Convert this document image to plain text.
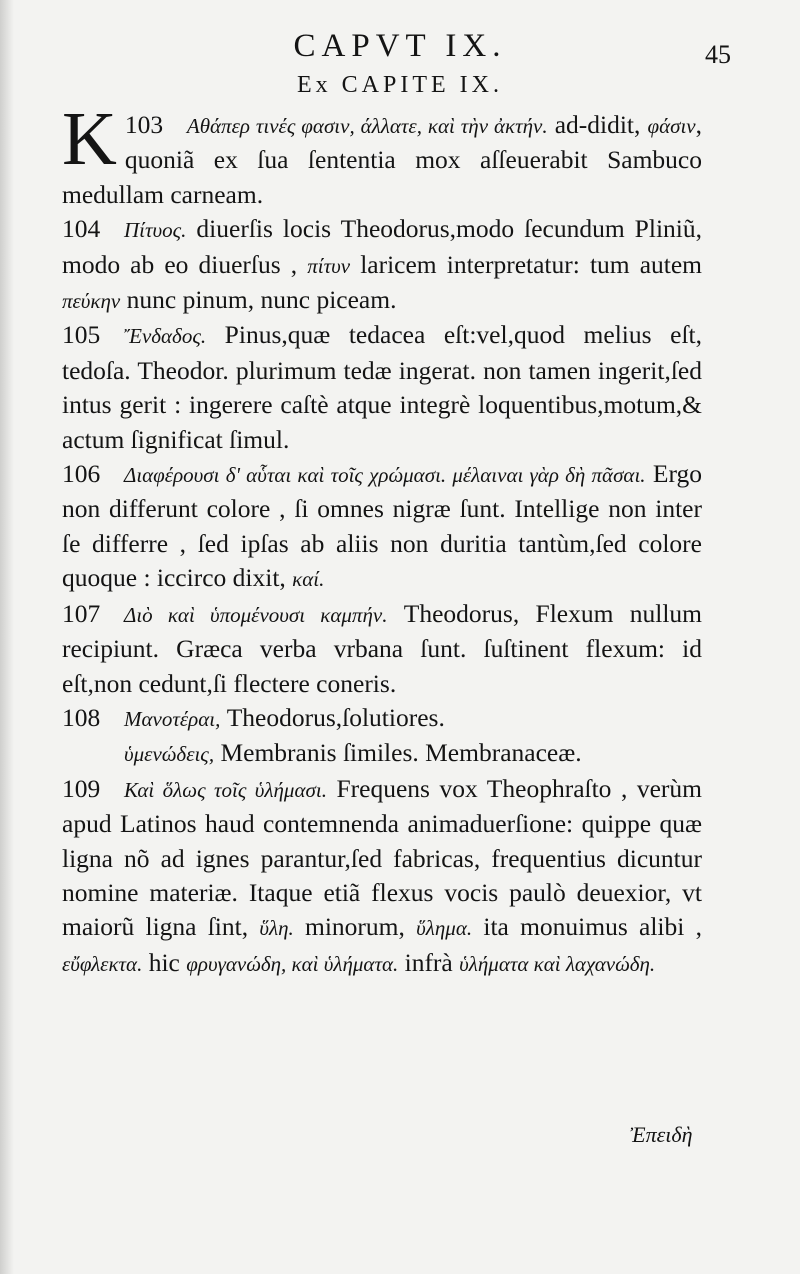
CAPVT IX.	45
Ex CAPITE IX.

103
K	Αθάπερ τινές φασιν, άλλατε, καὶ τὴν ἀκτήν. ad-didit, φάσιν, quoniã ex ſua ſententia mox aſſeuerabit Sambuco medullam carneam.

104 Πίτυος. diuerſis locis Theodorus,modo ſecundum Pliniũ, modo ab eo diuerſus , πίτυν laricem interpretatur: tum autem πεύκην nunc pinum, nunc piceam.

105 Ἔνδαδος. Pinus,quæ tedacea eſt:vel,quod melius eſt, tedoſa. Theodor. plurimum tedæ ingerat. non tamen ingerit,ſed intus gerit : ingerere caſtè atque integrè loquentibus,motum,& actum ſignificat ſimul.

106 Διαφέρουσι δ' αὗται καὶ τοῖς χρώμασι. μέλαιναι γὰρ δὴ πᾶσαι. Ergo non differunt colore , ſi omnes nigræ ſunt. Intellige non inter ſe differre , ſed ipſas ab aliis non duritia tantùm,ſed colore quoque : iccirco dixit, καί.

107 Διὸ καὶ ὑπομένουσι καμπήν. Theodorus, Flexum nullum recipiunt. Græca verba vrbana ſunt. ſuſtinent flexum: id eſt,non cedunt,ſi flectere coneris.

108 Μανοτέραι, Theodorus,ſolutiores.

ὑμενώδεις, Membranis ſimiles. Membranaceæ.

109 Καὶ ὅλως τοῖς ὑλήμασι. Frequens vox Theophraſto , verùm apud Latinos haud contemnenda animaduerſione: quippe quæ ligna nõ ad ignes parantur,ſed fabricas, frequentius dicuntur nomine materiæ. Itaque etiã flexus vocis paulò deuexior, vt maiorũ ligna ſint, ὕλη. minorum, ὕλημα. ita monuimus alibi , εὔφλεκτα. hic φρυγανώδη, καὶ ὑλήματα. infrà ὑλήματα καὶ λαχανώδη.

Ἐπειδὴ
